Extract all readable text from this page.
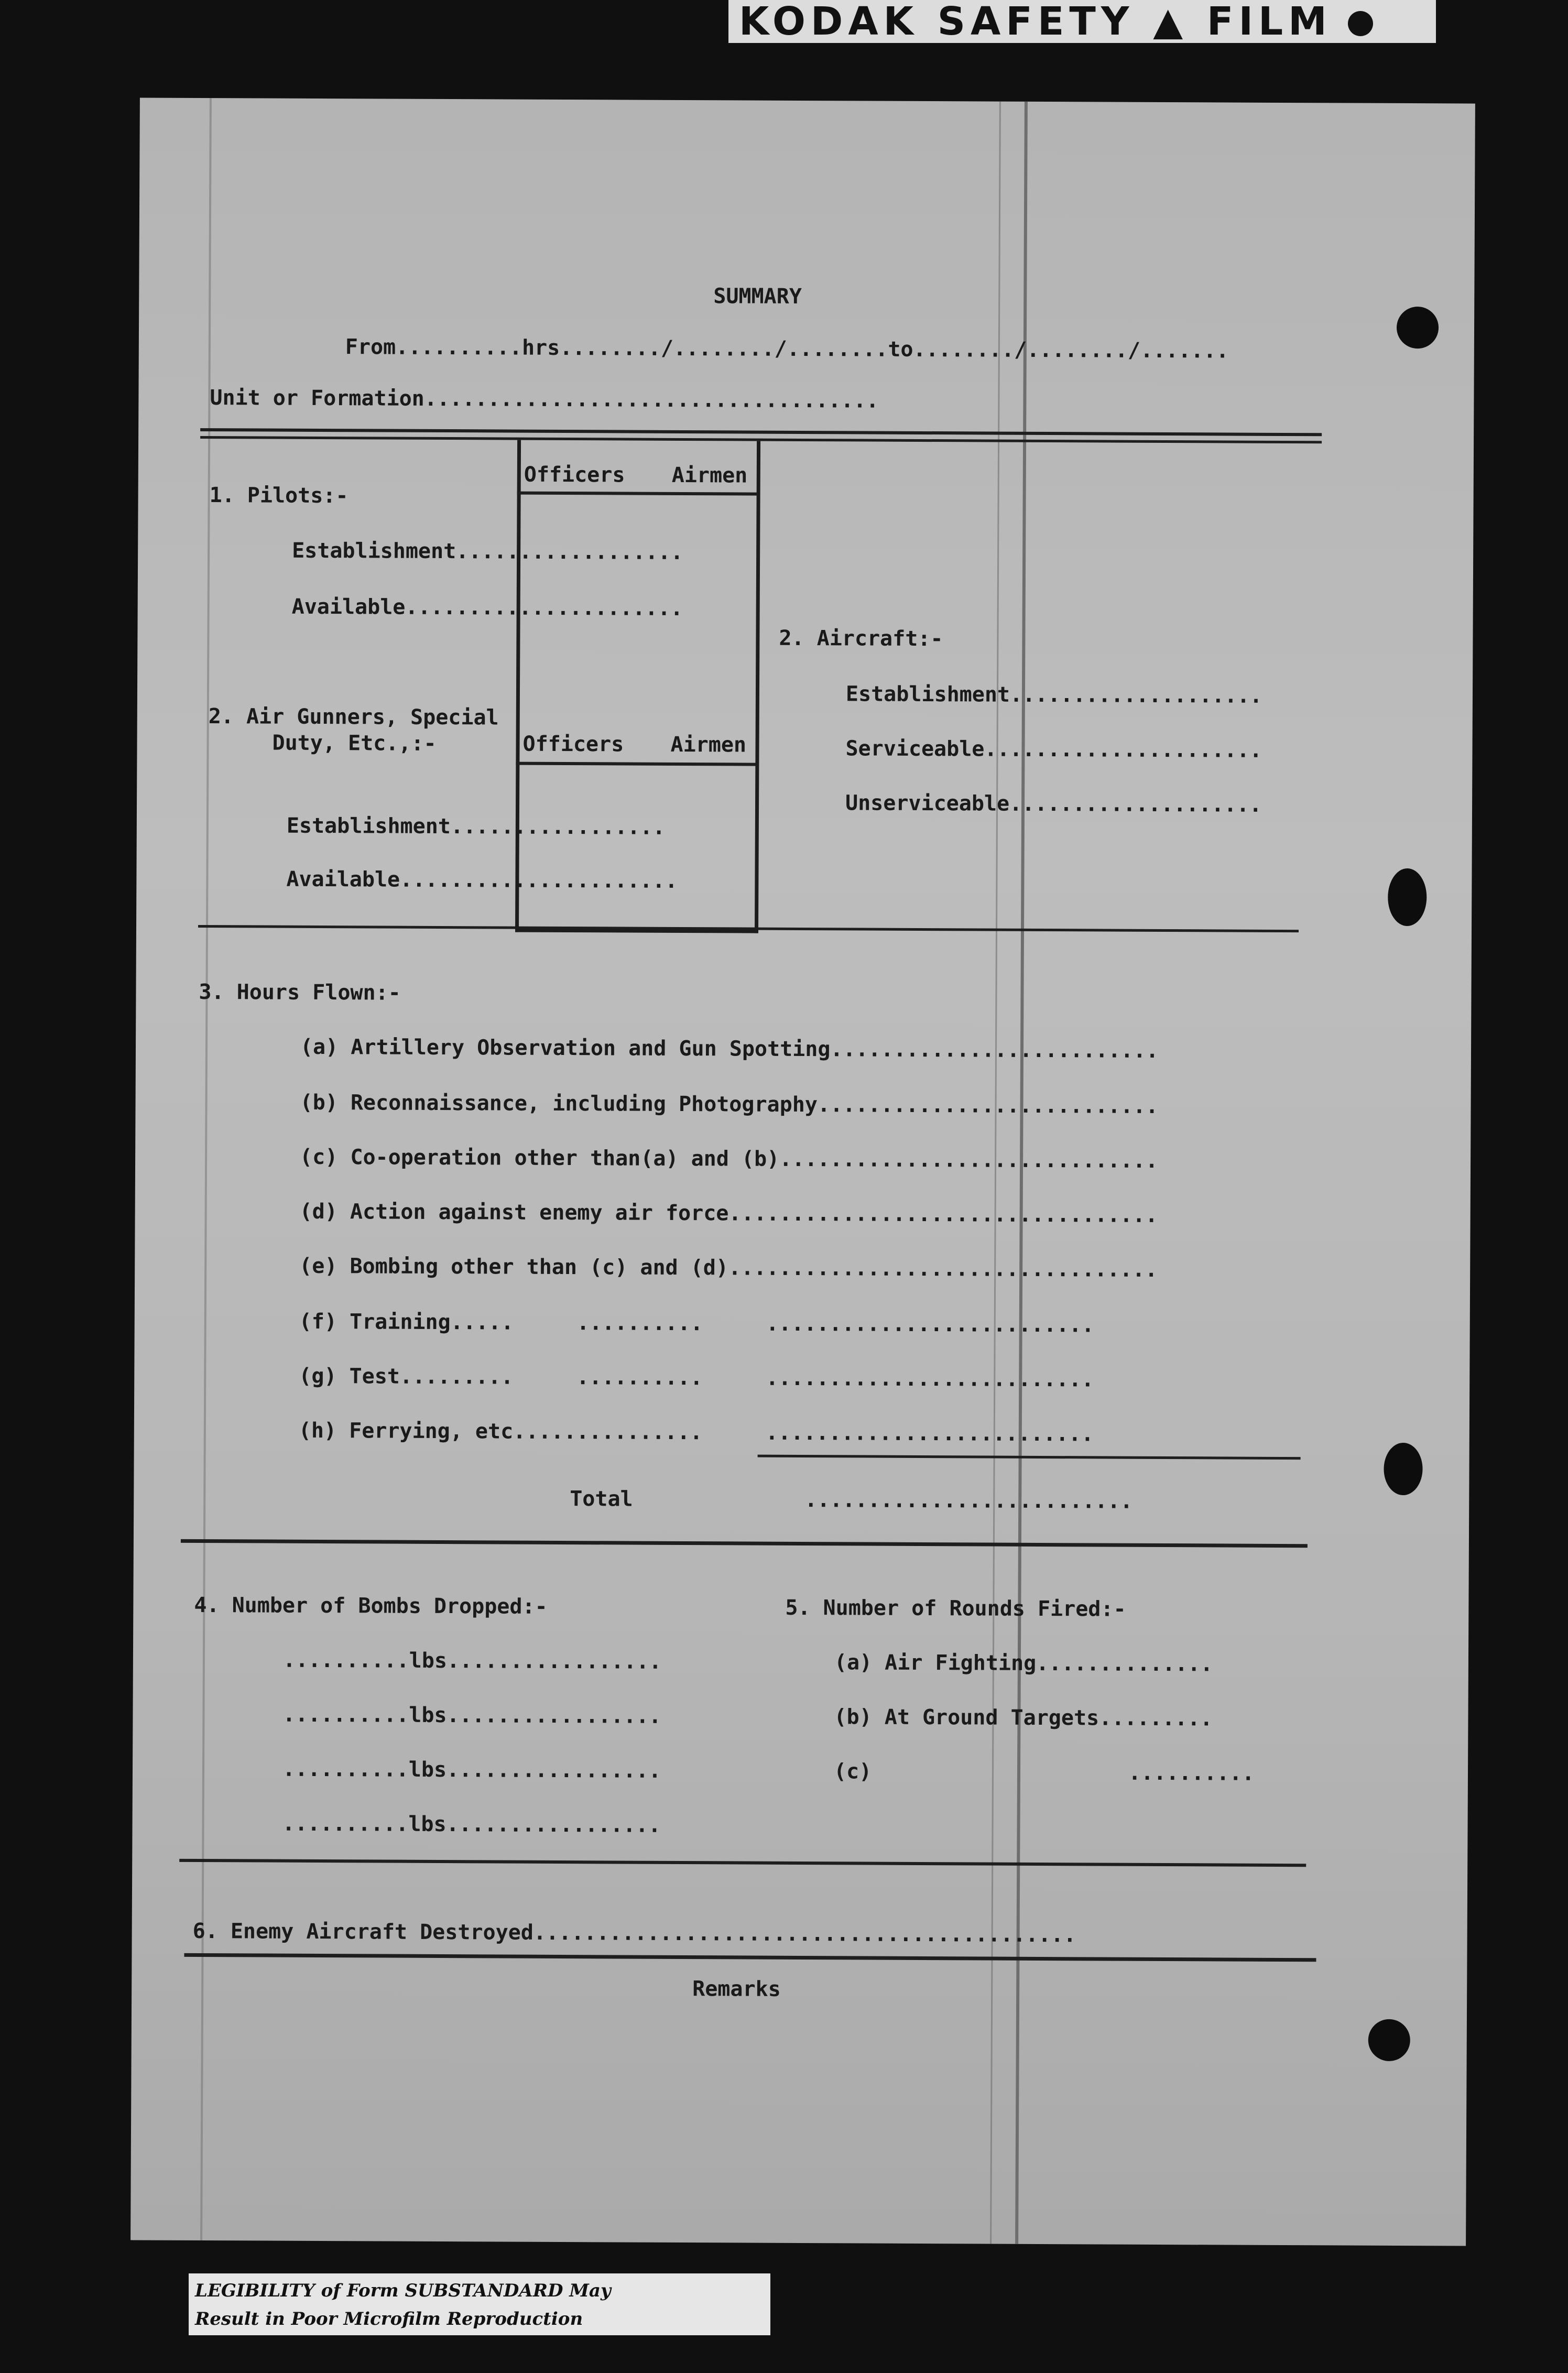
KODAK SAFETY ▲ FILM
SUMMARY
From..........hrs......../......../........to......../......../.......
Unit or Formation....................................
1. Pilots:-
Officers Airmen
Establishment..................
Available......................
2. Air Gunners, Special
Duty, Etc.,:-	Officers Airmen
Establishment.................
Available......................
2. Aircraft:-
Establishment....................
Serviceable......................
Unserviceable....................
3. Hours Flown:-
(a) Artillery Observation and Gun Spotting..........................
(b) Reconnaissance, including Photography...........................
(c) Co-operation other than(a) and (b)..............................
(d) Action against enemy air force..................................
(e) Bombing other than (c) and (d)..................................
(f) Training.....     ..........     ..........................
(g) Test.........     ..........     ..........................
(h) Ferrying, etc...............     ..........................
Total	..........................
4. Number of Bombs Dropped:-
..........lbs.................
..........lbs.................
..........lbs.................
..........lbs.................
5. Number of Rounds Fired:-
(a) Air Fighting..............
(b) At Ground Targets.........
(c)	..........
6. Enemy Aircraft Destroyed...........................................
Remarks
LEGIBILITY of Form SUBSTANDARD May
Result in Poor Microfilm Reproduction
